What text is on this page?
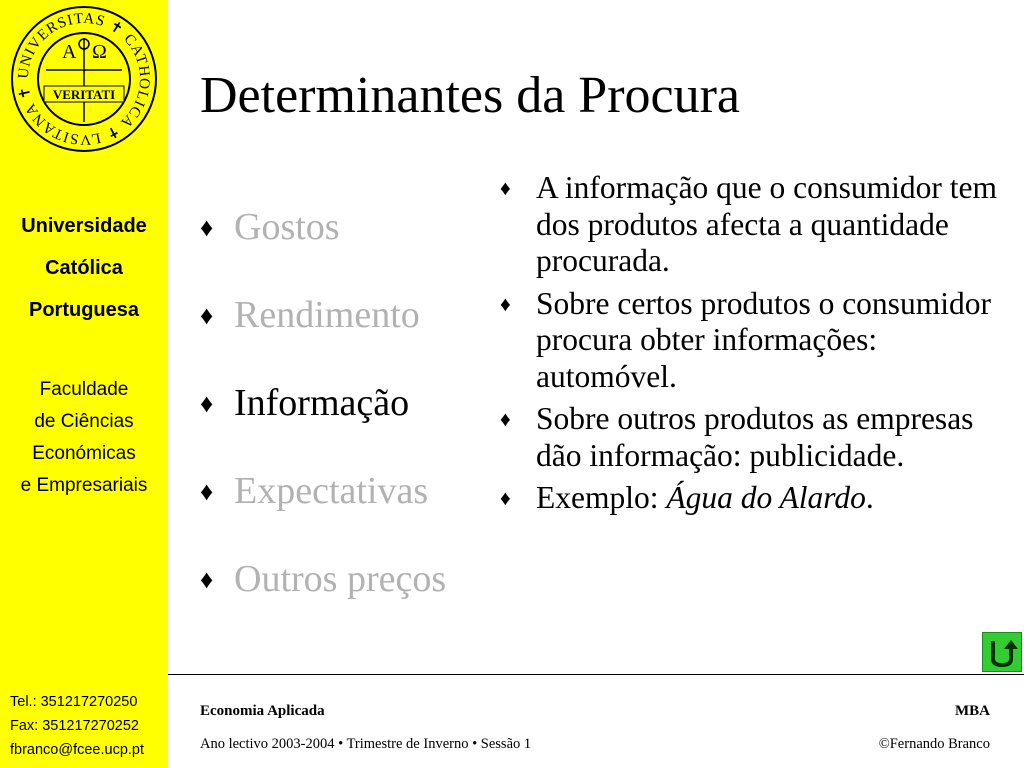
UNIVERSITAS ✝ CATHOLICA ✝ LVSITANA ✝
A Ω
VERITATI
Universidade
Católica
Portuguesa
Faculdade
de Ciências
Económicas
e Empresariais
Tel.: 351217270250
Fax: 351217270252
fbranco@fcee.ucp.pt
Determinantes da Procura
♦ Gostos
♦ Rendimento
♦ Informação
♦ Expectativas
♦ Outros preços
♦ A informação que o consumidor tem dos produtos afecta a quantidade procurada.
♦ Sobre certos produtos o consumidor procura obter informações: automóvel.
♦ Sobre outros produtos as empresas dão informação: publicidade.
♦ Exemplo: Água do Alardo.
Economia Aplicada	MBA
Ano lectivo 2003-2004 • Trimestre de Inverno • Sessão 1	©Fernando Branco
